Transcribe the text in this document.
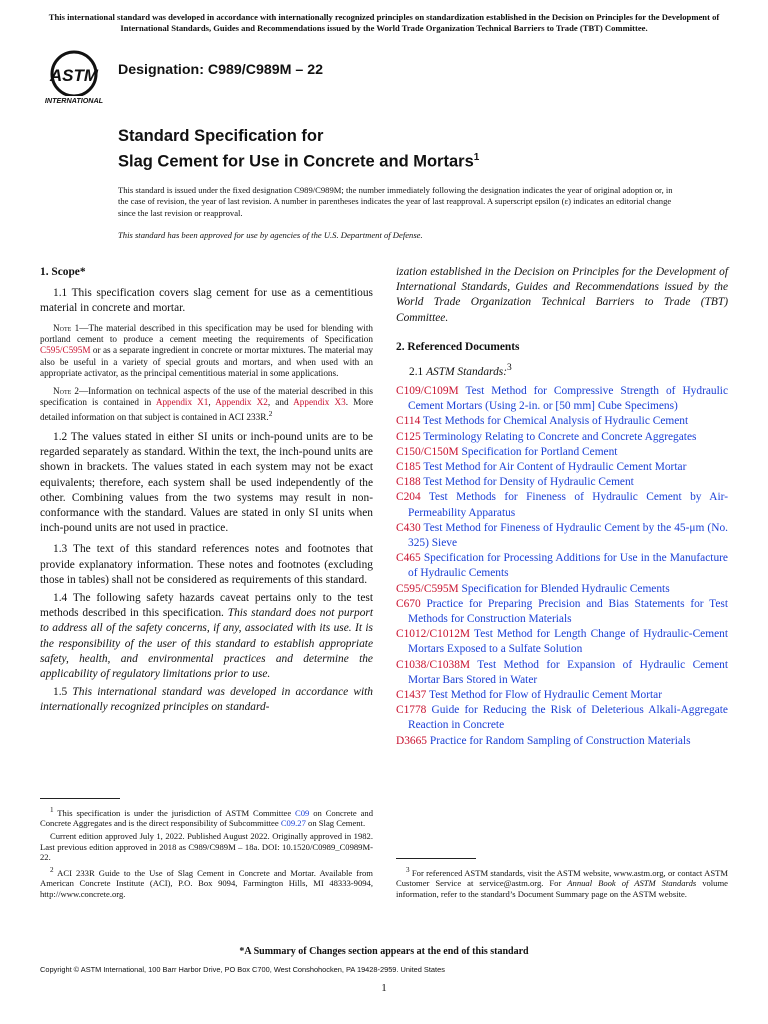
This international standard was developed in accordance with internationally recognized principles on standardization established in the Decision on Principles for the Development of International Standards, Guides and Recommendations issued by the World Trade Organization Technical Barriers to Trade (TBT) Committee.
ASTM
INTERNATIONAL
Designation: C989/C989M – 22
Standard Specification for
Slag Cement for Use in Concrete and Mortars$^1$
This standard is issued under the fixed designation C989/C989M; the number immediately following the designation indicates the year of original adoption or, in the case of revision, the year of last revision. A number in parentheses indicates the year of last reapproval. A superscript epsilon (ε) indicates an editorial change since the last revision or reapproval.
This standard has been approved for use by agencies of the U.S. Department of Defense.
1. Scope*

1.1 This specification covers slag cement for use as a cementitious material in concrete and mortar.

Note 1—The material described in this specification may be used for blending with portland cement to produce a cement meeting the requirements of Specification C595/C595M or as a separate ingredient in concrete or mortar mixtures. The material may also be useful in a variety of special grouts and mortars, and when used with an appropriate activator, as the principal cementitious material in some applications.
Note 2—Information on technical aspects of the use of the material described in this specification is contained in Appendix X1, Appendix X2, and Appendix X3. More detailed information on that subject is contained in ACI 233R.$^2$

1.2 The values stated in either SI units or inch-pound units are to be regarded separately as standard. Within the text, the inch-pound units are shown in brackets. The values stated in each system may not be exact equivalents; therefore, each system shall be used independently of the other. Combining values from the two systems may result in non-conformance with the standard. Values are stated in only SI units when inch-pound units are not used in practice.

1.3 The text of this standard references notes and footnotes that provide explanatory information. These notes and footnotes (excluding those in tables) shall not be considered as requirements of this standard.

1.4 The following safety hazards caveat pertains only to the test methods described in this specification. This standard does not purport to address all of the safety concerns, if any, associated with its use. It is the responsibility of the user of this standard to establish appropriate safety, health, and environmental practices and determine the applicability of regulatory limitations prior to use.

1.5 This international standard was developed in accordance with internationally recognized principles on standard-

$^1$ This specification is under the jurisdiction of ASTM Committee C09 on Concrete and Concrete Aggregates and is the direct responsibility of Subcommittee C09.27 on Slag Cement.

Current edition approved July 1, 2022. Published August 2022. Originally approved in 1982. Last previous edition approved in 2018 as C989/C989M – 18a. DOI: 10.1520/C0989_C0989M-22.

$^2$ ACI 233R Guide to the Use of Slag Cement in Concrete and Mortar. Available from American Concrete Institute (ACI), P.O. Box 9094, Farmington Hills, MI 48333-9094, http://www.concrete.org.

ization established in the Decision on Principles for the Development of International Standards, Guides and Recommendations issued by the World Trade Organization Technical Barriers to Trade (TBT) Committee.

2. Referenced Documents

2.1 ASTM Standards:$^3$

C109/C109M Test Method for Compressive Strength of Hydraulic Cement Mortars (Using 2-in. or [50 mm] Cube Specimens)

C114 Test Methods for Chemical Analysis of Hydraulic Cement

C125 Terminology Relating to Concrete and Concrete Aggregates

C150/C150M Specification for Portland Cement

C185 Test Method for Air Content of Hydraulic Cement Mortar

C188 Test Method for Density of Hydraulic Cement

C204 Test Methods for Fineness of Hydraulic Cement by Air-Permeability Apparatus

C430 Test Method for Fineness of Hydraulic Cement by the 45-μm (No. 325) Sieve

C465 Specification for Processing Additions for Use in the Manufacture of Hydraulic Cements

C595/C595M Specification for Blended Hydraulic Cements

C670 Practice for Preparing Precision and Bias Statements for Test Methods for Construction Materials

C1012/C1012M Test Method for Length Change of Hydraulic-Cement Mortars Exposed to a Sulfate Solution

C1038/C1038M Test Method for Expansion of Hydraulic Cement Mortar Bars Stored in Water

C1437 Test Method for Flow of Hydraulic Cement Mortar

C1778 Guide for Reducing the Risk of Deleterious Alkali-Aggregate Reaction in Concrete

D3665 Practice for Random Sampling of Construction Materials

$^3$ For referenced ASTM standards, visit the ASTM website, www.astm.org, or contact ASTM Customer Service at service@astm.org. For Annual Book of ASTM Standards volume information, refer to the standard’s Document Summary page on the ASTM website.

*A Summary of Changes section appears at the end of this standard
Copyright © ASTM International, 100 Barr Harbor Drive, PO Box C700, West Conshohocken, PA 19428-2959. United States
1
